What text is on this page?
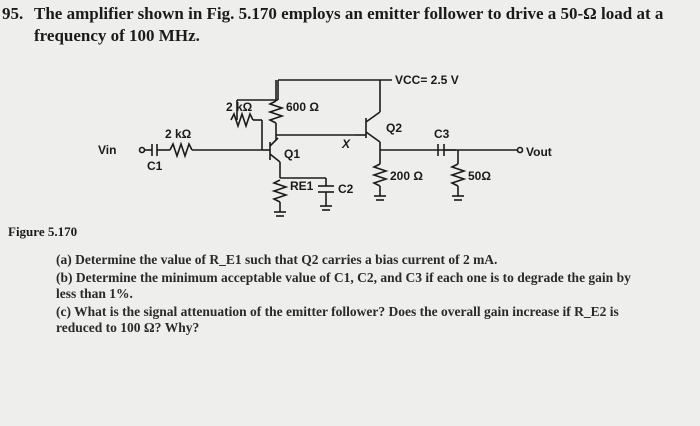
95. The amplifier shown in Fig. 5.170 employs an emitter follower to drive a 50-Ω load at a
frequency of 100 MHz.
VCC= 2.5 V
2 kΩ	600 Ω
2 kΩ
Vin
C1
Q1
Q2
X
C3
Vout
200 Ω	50Ω
RE1 C2
Figure 5.170

(a) Determine the value of R_E1 such that Q2 carries a bias current of 2 mA.

(b) Determine the minimum acceptable value of C1, C2, and C3 if each one is to degrade the gain by less than 1%.

(c) What is the signal attenuation of the emitter follower? Does the overall gain increase if R_E2 is reduced to 100 Ω? Why?
